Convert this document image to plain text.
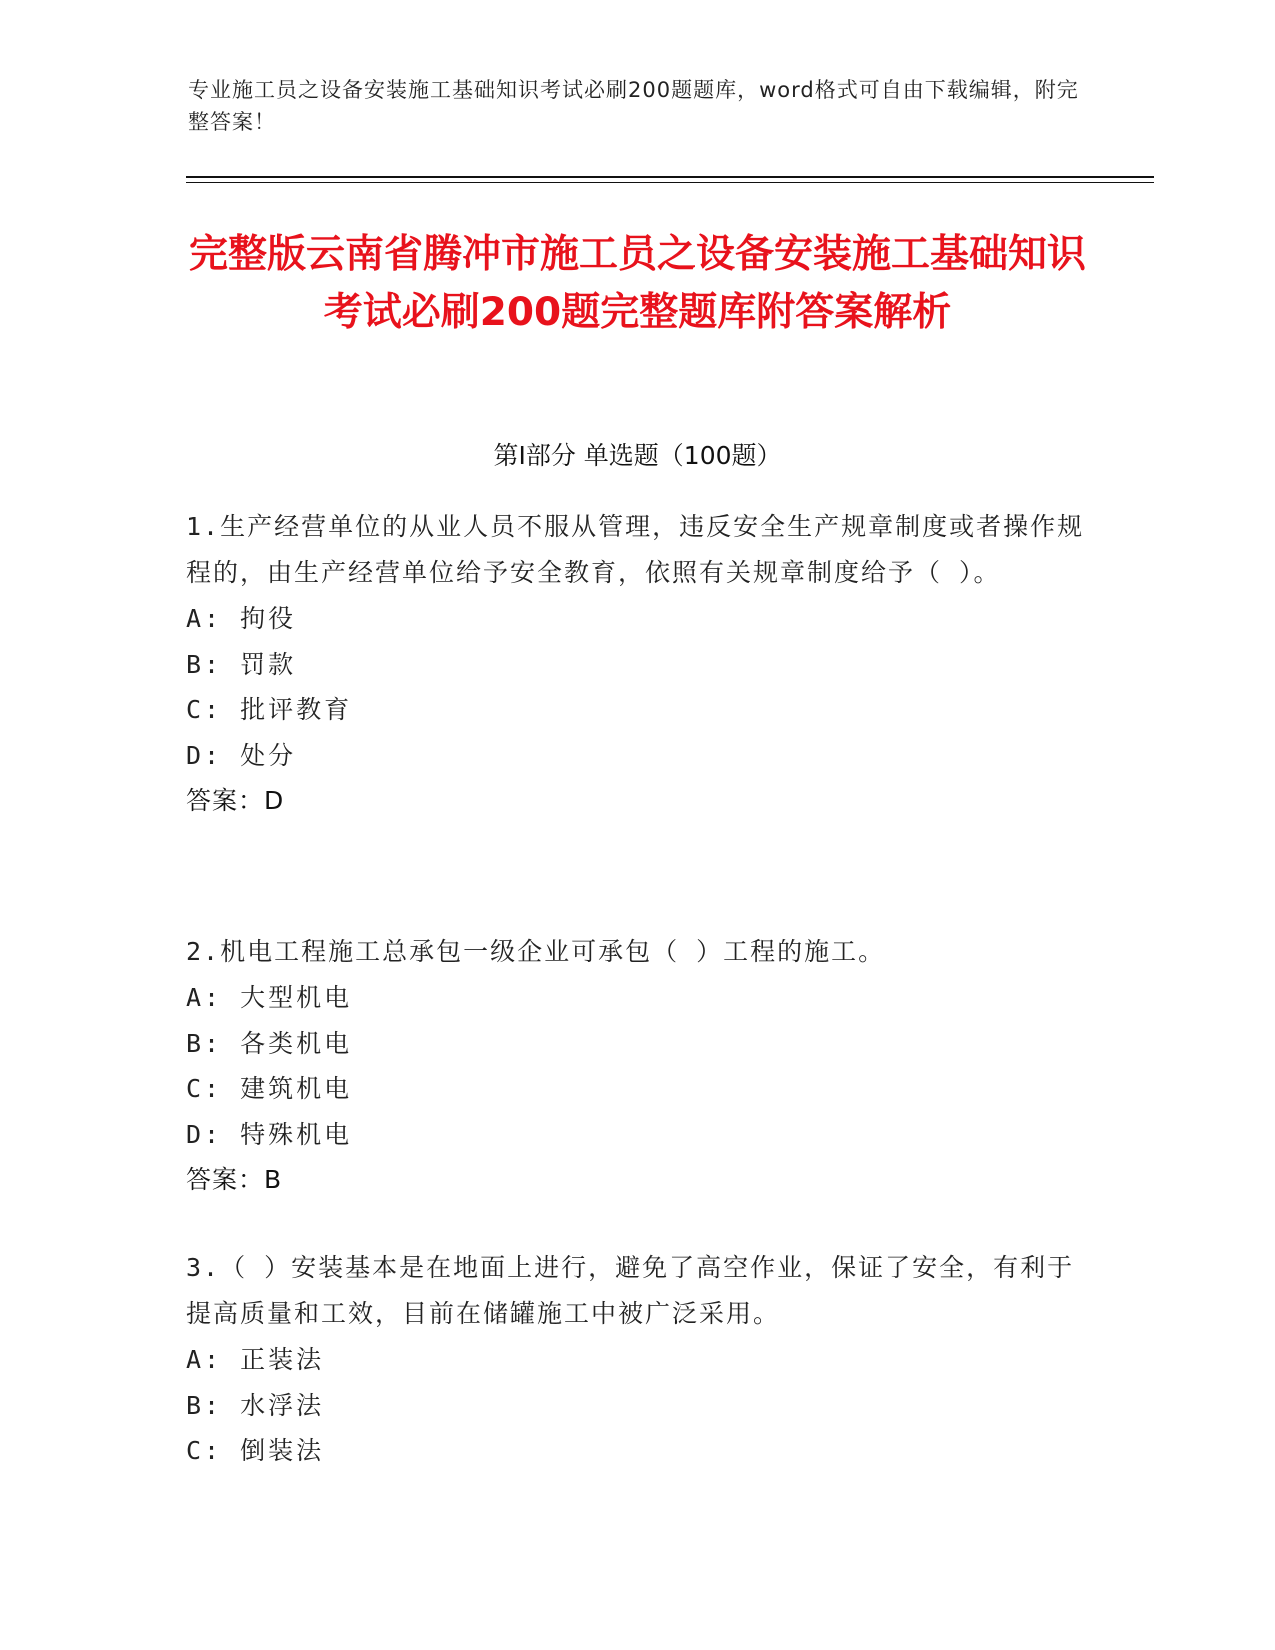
专业施工员之设备安装施工基础知识考试必刷200题题库，word格式可自由下载编辑，附完整答案！
完整版云南省腾冲市施工员之设备安装施工基础知识考试必刷200题完整题库附答案解析
第Ⅰ部分 单选题（100题）
1.生产经营单位的从业人员不服从管理，违反安全生产规章制度或者操作规程的，由生产经营单位给予安全教育，依照有关规章制度给予（ ）。
A: 拘役
B: 罚款
C: 批评教育
D: 处分
答案：D
2.机电工程施工总承包一级企业可承包（ ）工程的施工。
A: 大型机电
B: 各类机电
C: 建筑机电
D: 特殊机电
答案：B
3.（ ）安装基本是在地面上进行，避免了高空作业，保证了安全，有利于提高质量和工效，目前在储罐施工中被广泛采用。
A: 正装法
B: 水浮法
C: 倒装法
